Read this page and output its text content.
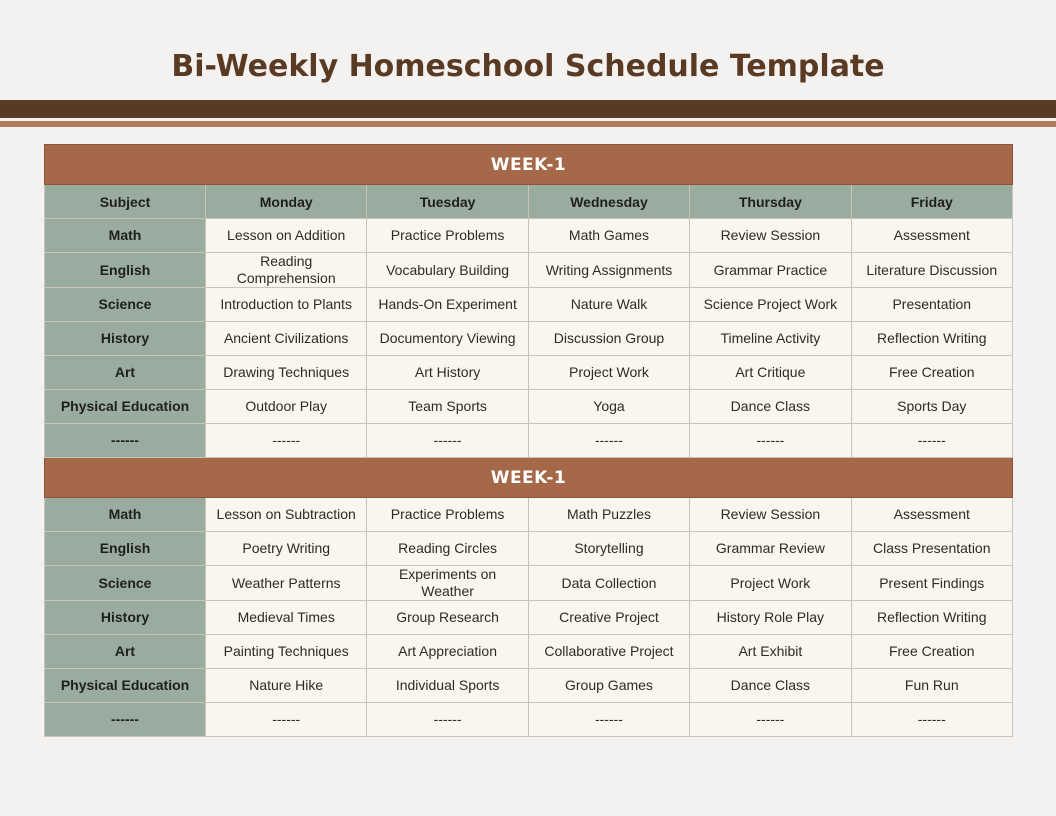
Bi-Weekly Homeschool Schedule Template
WEEK-1					
Subject	Monday	Tuesday	Wednesday	Thursday	Friday
Math	Lesson on Addition	Practice Problems	Math Games	Review Session	Assessment
English	Reading Comprehension	Vocabulary Building	Writing Assignments	Grammar Practice	Literature Discussion
Science	Introduction to Plants	Hands-On Experiment	Nature Walk	Science Project Work	Presentation
History	Ancient Civilizations	Documentory Viewing	Discussion Group	Timeline Activity	Reflection Writing
Art	Drawing Techniques	Art History	Project Work	Art Critique	Free Creation
Physical Education	Outdoor Play	Team Sports	Yoga	Dance Class	Sports Day
------	------	------	------	------	------
WEEK-1					
Math	Lesson on Subtraction	Practice Problems	Math Puzzles	Review Session	Assessment
English	Poetry Writing	Reading Circles	Storytelling	Grammar Review	Class Presentation
Science	Weather Patterns	Experiments on Weather	Data Collection	Project Work	Present Findings
History	Medieval Times	Group Research	Creative Project	History Role Play	Reflection Writing
Art	Painting Techniques	Art Appreciation	Collaborative Project	Art Exhibit	Free Creation
Physical Education	Nature Hike	Individual Sports	Group Games	Dance Class	Fun Run
------	------	------	------	------	------
